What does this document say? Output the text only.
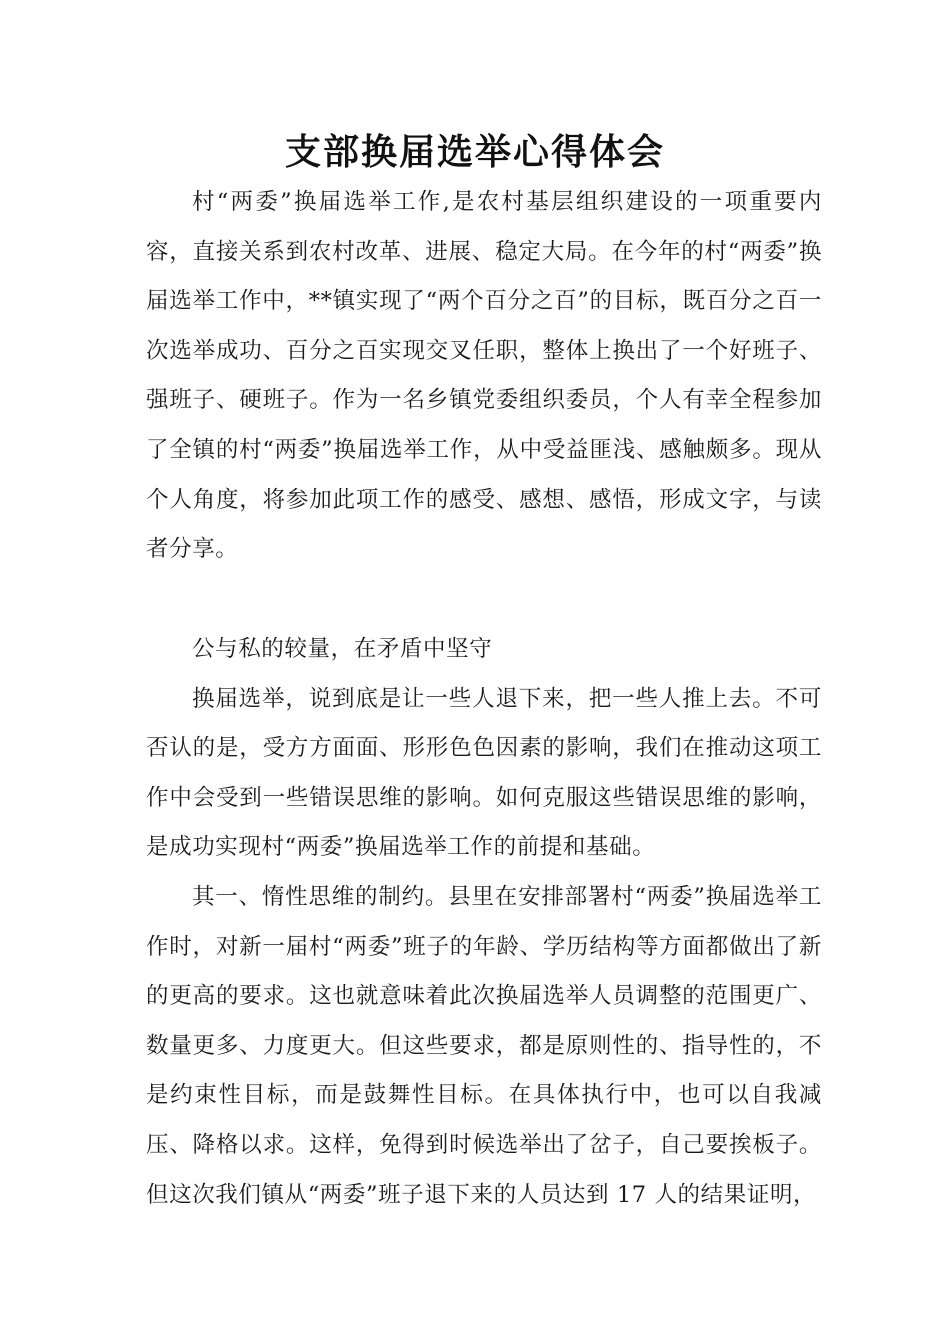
支部换届选举心得体会

村“两委”换届选举工作,是农村基层组织建设的一项重要内容，直接关系到农村改革、进展、稳定大局。在今年的村“两委”换届选举工作中，**镇实现了“两个百分之百”的目标，既百分之百一次选举成功、百分之百实现交叉任职，整体上换出了一个好班子、强班子、硬班子。作为一名乡镇党委组织委员，个人有幸全程参加了全镇的村“两委”换届选举工作，从中受益匪浅、感触颇多。现从个人角度，将参加此项工作的感受、感想、感悟，形成文字，与读者分享。

公与私的较量，在矛盾中坚守

换届选举，说到底是让一些人退下来，把一些人推上去。不可否认的是，受方方面面、形形色色因素的影响，我们在推动这项工作中会受到一些错误思维的影响。如何克服这些错误思维的影响，是成功实现村“两委”换届选举工作的前提和基础。

其一、惰性思维的制约。县里在安排部署村“两委”换届选举工作时，对新一届村“两委”班子的年龄、学历结构等方面都做出了新的更高的要求。这也就意味着此次换届选举人员调整的范围更广、数量更多、力度更大。但这些要求，都是原则性的、指导性的，不是约束性目标，而是鼓舞性目标。在具体执行中，也可以自我减压、降格以求。这样，免得到时候选举出了岔子，自己要挨板子。但这次我们镇从“两委”班子退下来的人员达到 17 人的结果证明，
